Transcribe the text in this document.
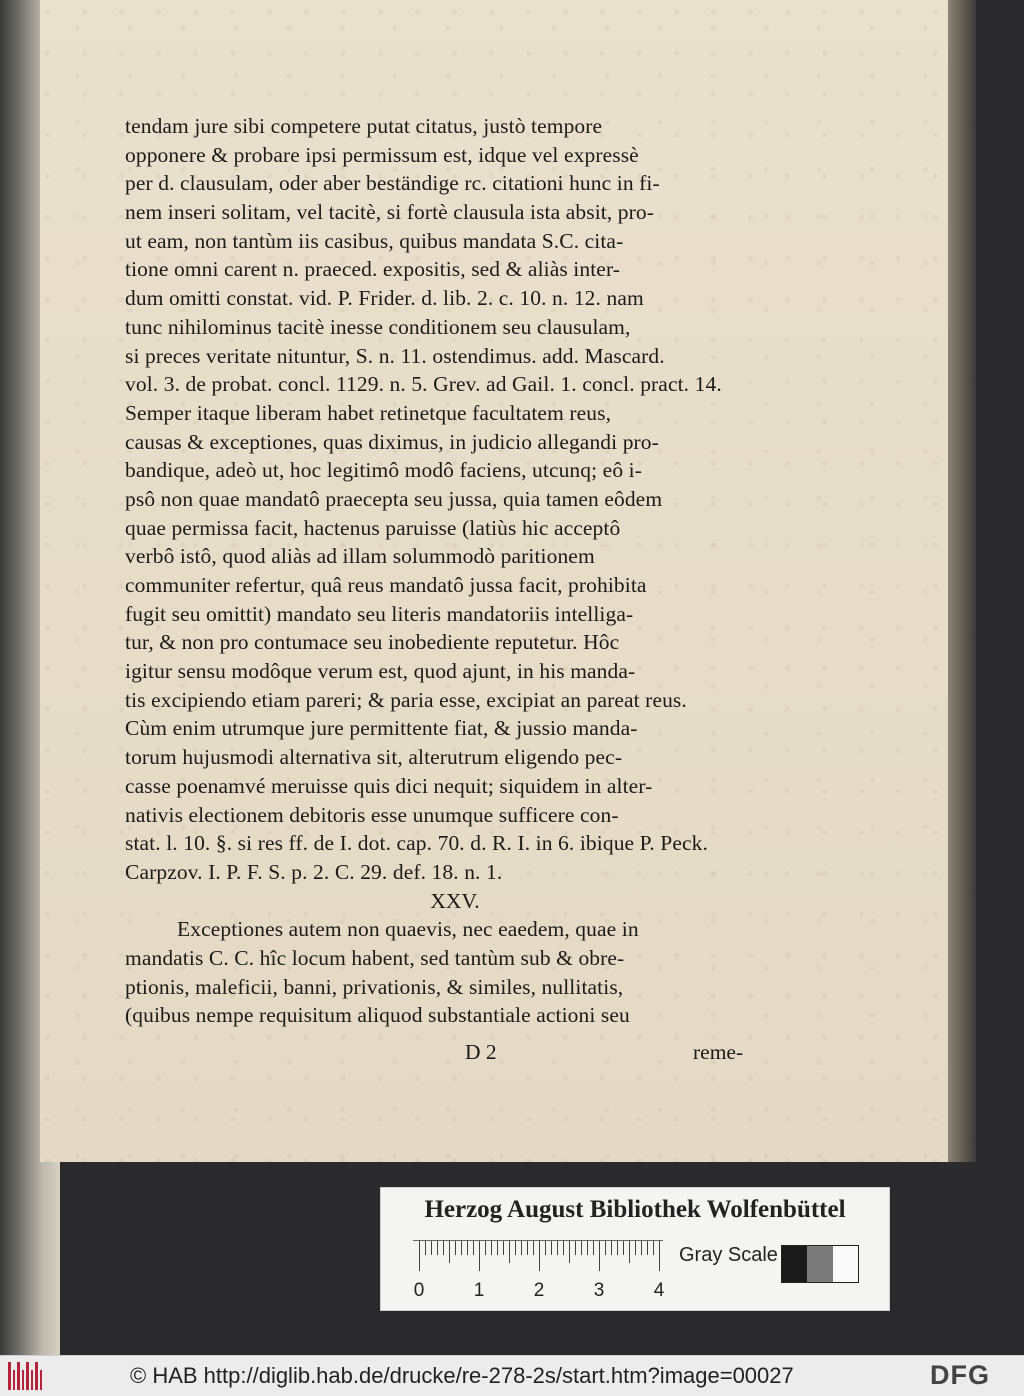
tendam jure sibi competere putat citatus, justò tempore
opponere & probare ipsi permissum est, idque vel expressè
per d. clausulam, oder aber beständige rc. citationi hunc in fi-
nem inseri solitam, vel tacitè, si fortè clausula ista absit, pro-
ut eam, non tantùm iis casibus, quibus mandata S.C. cita-
tione omni carent n. praeced. expositis, sed & aliàs inter-
dum omitti constat. vid. P. Frider. d. lib. 2. c. 10. n. 12. nam
tunc nihilominus tacitè inesse conditionem seu clausulam,
si preces veritate nituntur, S. n. 11. ostendimus. add. Mascard.
vol. 3. de probat. concl. 1129. n. 5. Grev. ad Gail. 1. concl. pract. 14.
Semper itaque liberam habet retinetque facultatem reus,
causas & exceptiones, quas diximus, in judicio allegandi pro-
bandique, adeò ut, hoc legitimô modô faciens, utcunq; eô i-
psô non quae mandatô praecepta seu jussa, quia tamen eôdem
quae permissa facit, hactenus paruisse (latiùs hic acceptô
verbô istô, quod aliàs ad illam solummodò paritionem
communiter refertur, quâ reus mandatô jussa facit, prohibita
fugit seu omittit) mandato seu literis mandatoriis intelliga-
tur, & non pro contumace seu inobediente reputetur. Hôc
igitur sensu modôque verum est, quod ajunt, in his manda-
tis excipiendo etiam pareri; & paria esse, excipiat an pareat reus.
Cùm enim utrumque jure permittente fiat, & jussio manda-
torum hujusmodi alternativa sit, alterutrum eligendo pec-
casse poenamvé meruisse quis dici nequit; siquidem in alter-
nativis electionem debitoris esse unumque sufficere con-
stat. l. 10. §. si res ff. de I. dot. cap. 70. d. R. I. in 6. ibique P. Peck.
Carpzov. I. P. F. S. p. 2. C. 29. def. 18. n. 1.
XXV.
Exceptiones autem non quaevis, nec eaedem, quae in
mandatis C. C. hîc locum habent, sed tantùm sub & obre-
ptionis, maleficii, banni, privationis, & similes, nullitatis,
(quibus nempe requisitum aliquod substantiale actioni seu
D 2	reme-
Herzog August Bibliothek Wolfenbüttel
0	1	2	3	4
Gray Scale
© HAB http://diglib.hab.de/drucke/re-278-2s/start.htm?image=00027	DFG
